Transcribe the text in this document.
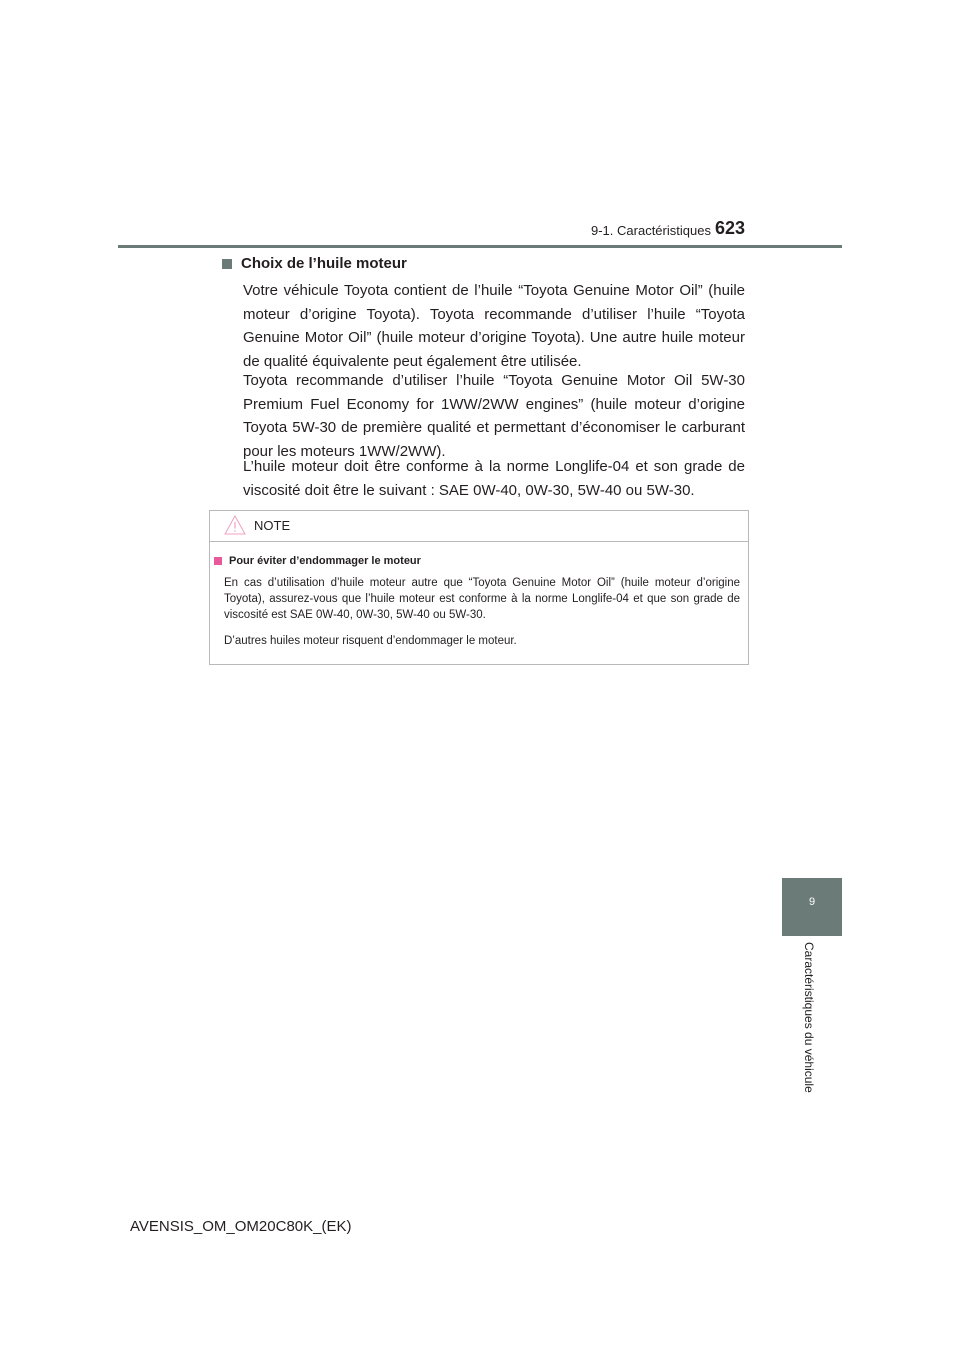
9-1. Caractéristiques 623
Choix de l’huile moteur

Votre véhicule Toyota contient de l’huile “Toyota Genuine Motor Oil” (huile moteur d’origine Toyota). Toyota recommande d’utiliser l’huile “Toyota Genuine Motor Oil” (huile moteur d’origine Toyota). Une autre huile moteur de qualité équivalente peut également être utilisée.

Toyota recommande d’utiliser l’huile “Toyota Genuine Motor Oil 5W-30 Premium Fuel Economy for 1WW/2WW engines” (huile moteur d’origine Toyota 5W-30 de première qualité et permettant d’économiser le carburant pour les moteurs 1WW/2WW).

L’huile moteur doit être conforme à la norme Longlife-04 et son grade de viscosité doit être le suivant : SAE 0W-40, 0W-30, 5W-40 ou 5W-30.

NOTE
Pour éviter d’endommager le moteur

En cas d’utilisation d’huile moteur autre que “Toyota Genuine Motor Oil” (huile moteur d’origine Toyota), assurez-vous que l’huile moteur est conforme à la norme Longlife-04 et que son grade de viscosité est SAE 0W-40, 0W-30, 5W-40 ou 5W-30.

D’autres huiles moteur risquent d’endommager le moteur.

9
Caractéristiques du véhicule
AVENSIS_OM_OM20C80K_(EK)
